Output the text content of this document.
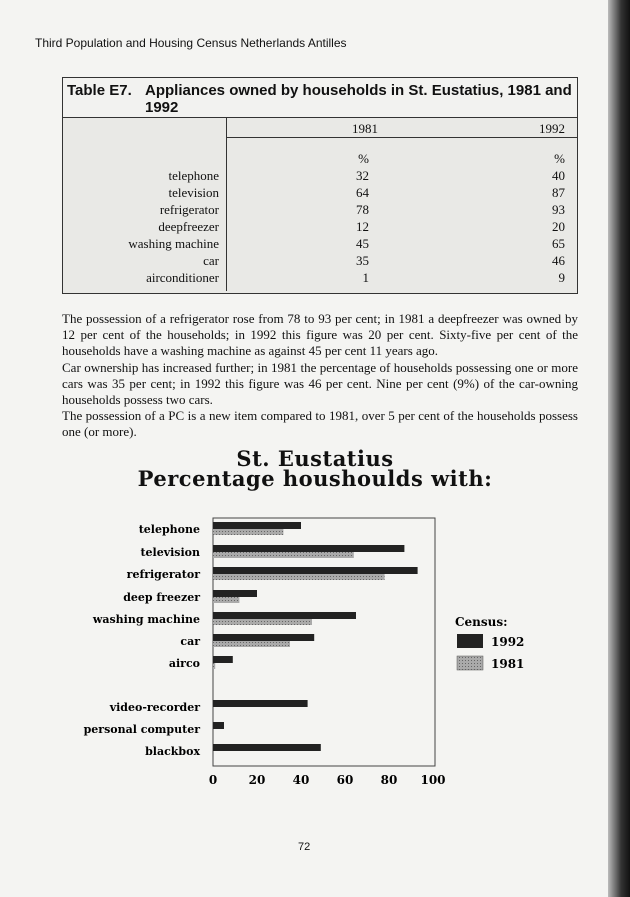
Third Population and Housing Census Netherlands Antilles
Table E7. Appliances owned by households in St. Eustatius, 1981 and 1992
1981	1992
%	%
telephone	32	40
television	64	87
refrigerator	78	93
deepfreezer	12	20
washing machine	45	65
car	35	46
airconditioner	1	9

The possession of a refrigerator rose from 78 to 93 per cent; in 1981 a deepfreezer was owned by 12 per cent of the households; in 1992 this figure was 20 per cent. Sixty-five per cent of the households have a washing machine as against 45 per cent 11 years ago.

Car ownership has increased further; in 1981 the percentage of households possessing one or more cars was 35 per cent; in 1992 this figure was 46 per cent. Nine per cent (9%) of the car-owning households possess two cars.

The possession of a PC is a new item compared to 1981, over 5 per cent of the households possess one (or more).

St. Eustatius
Percentage houshoulds with:
telephone
television
refrigerator
deep freezer
washing machine
car
airco
video-recorder
personal computer
blackbox
0	20 40 60 80 100
Census:
1992
1981
72
